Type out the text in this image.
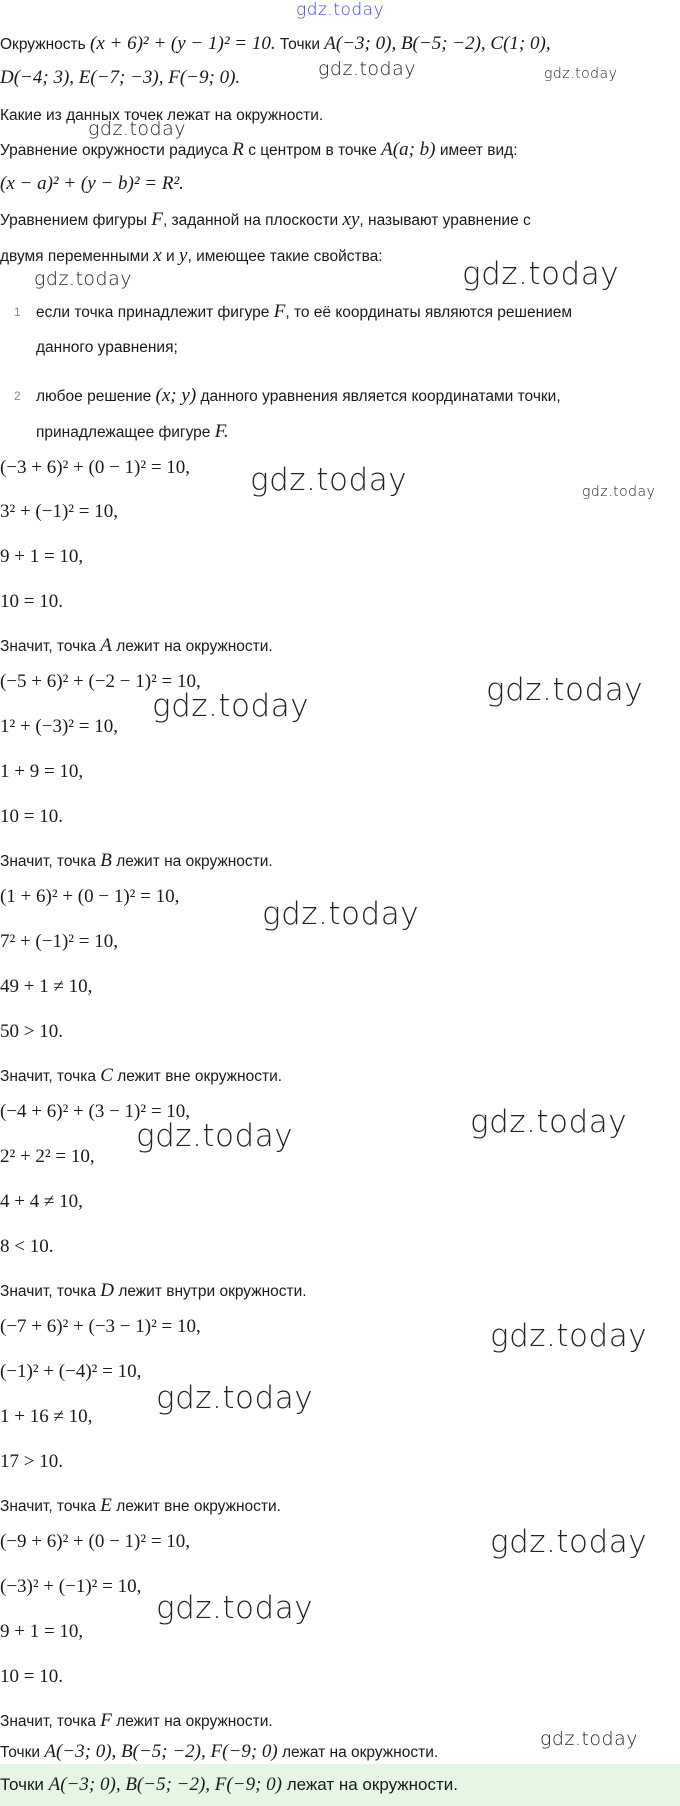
gdz.today
Окружность (x + 6)² + (y − 1)² = 10. Точки A(−3; 0), B(−5; −2), C(1; 0),
D(−4; 3), E(−7; −3), F(−9; 0).
Какие из данных точек лежат на окружности.
Уравнение окружности радиуса R с центром в точке A(a; b) имеет вид:
(x − a)² + (y − b)² = R².
Уравнением фигуры F, заданной на плоскости xy, называют уравнение с
двумя переменными x и y, имеющее такие свойства:
1 если точка принадлежит фигуре F, то её координаты являются решением
данного уравнения;
2 любое решение (x; y) данного уравнения является координатами точки,
принадлежащее фигуре F.
(−3 + 6)² + (0 − 1)² = 10,
3² + (−1)² = 10,
9 + 1 = 10,
10 = 10.
Значит, точка A лежит на окружности.
(−5 + 6)² + (−2 − 1)² = 10,
1² + (−3)² = 10,
1 + 9 = 10,
10 = 10.
Значит, точка B лежит на окружности.
(1 + 6)² + (0 − 1)² = 10,
7² + (−1)² = 10,
49 + 1 ≠ 10,
50 > 10.
Значит, точка C лежит вне окружности.
(−4 + 6)² + (3 − 1)² = 10,
2² + 2² = 10,
4 + 4 ≠ 10,
8 < 10.
Значит, точка D лежит внутри окружности.
(−7 + 6)² + (−3 − 1)² = 10,
(−1)² + (−4)² = 10,
1 + 16 ≠ 10,
17 > 10.
Значит, точка E лежит вне окружности.
(−9 + 6)² + (0 − 1)² = 10,
(−3)² + (−1)² = 10,
9 + 1 = 10,
10 = 10.
Значит, точка F лежит на окружности.
Точки A(−3; 0), B(−5; −2), F(−9; 0) лежат на окружности.
Точки A(−3; 0), B(−5; −2), F(−9; 0) лежат на окружности.
gdz.today	gdz.today
gdz.today
gdz.today	gdz.today
gdz.today	gdz.today
gdz.today
gdz.today
gdz.today
gdz.today
gdz.today
gdz.today
gdz.today
gdz.today
gdz.today
gdz.today
